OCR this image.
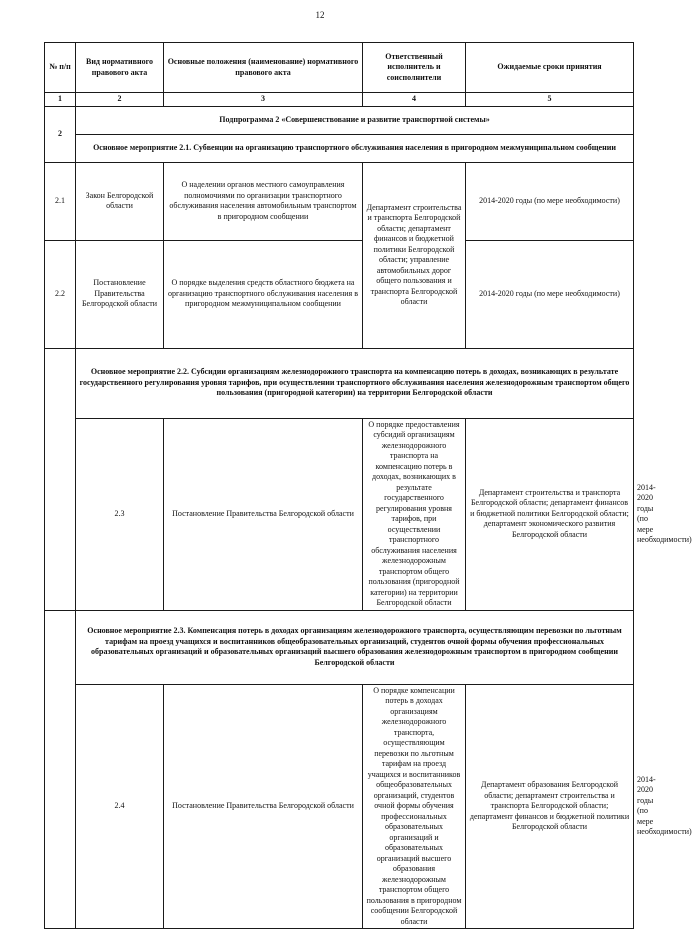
12
№ п/п	Вид нормативного правового акта	Основные положения (наименование) нормативного правового акта	Ответственный исполнитель и соисполнители	Ожидаемые сроки принятия	
1	2	3	4	5	
2	Подпрограмма 2 «Совершенствование и развитие транспортной системы»				
	Основное мероприятие 2.1. Субвенции на организацию транспортного обслуживания населения в пригородном межмуниципальном сообщении				
2.1	Закон Белгородской области	О наделении органов местного самоуправления полномочиями по организации транспортного обслуживания населения автомобильным транспортом в пригородном сообщении	Департамент строительства и транспорта Белгородской области; департамент финансов и бюджетной политики Белгородской области; управление автомобильных дорог общего пользования и транспорта Белгородской области	2014-2020 годы (по мере необходимости)	
2.2	Постановление Правительства Белгородской области	О порядке выделения средств областного бюджета на организацию транспортного обслуживания населения в пригородном межмуниципальном сообщении		2014-2020 годы (по мере необходимости)	
	Основное мероприятие 2.2. Субсидии организациям железнодорожного транспорта на компенсацию потерь в доходах, возникающих в результате государственного регулирования уровня тарифов, при осуществлении транспортного обслуживания населения железнодорожным транспортом общего пользования (пригородной категории) на территории Белгородской области				
	2.3	Постановление Правительства Белгородской области	О порядке предоставления субсидий организациям железнодорожного транспорта на компенсацию потерь в доходах, возникающих в результате государственного регулирования уровня тарифов, при осуществлении транспортного обслуживания населения железнодорожным транспортом общего пользования (пригородной категории) на территории Белгородской области	Департамент строительства и транспорта Белгородской области; департамент финансов и бюджетной политики Белгородской области; департамент экономического развития Белгородской области	2014-2020 годы (по мере необходимости)
	Основное мероприятие 2.3. Компенсация потерь в доходах организациям железнодорожного транспорта, осуществляющим перевозки по льготным тарифам на проезд учащихся и воспитанников общеобразовательных организаций, студентов очной формы обучения профессиональных образовательных организаций и образовательных организаций высшего образования железнодорожным транспортом в пригородном сообщении Белгородской области				
	2.4	Постановление Правительства Белгородской области	О порядке компенсации потерь в доходах организациям железнодорожного транспорта, осуществляющим перевозки по льготным тарифам на проезд учащихся и воспитанников общеобразовательных организаций, студентов очной формы обучения профессиональных образовательных организаций и образовательных организаций высшего образования железнодорожным транспортом общего пользования в пригородном сообщении Белгородской области	Департамент образования Белгородской области; департамент строительства и транспорта Белгородской области; департамент финансов и бюджетной политики Белгородской области	2014-2020 годы (по мере необходимости)
